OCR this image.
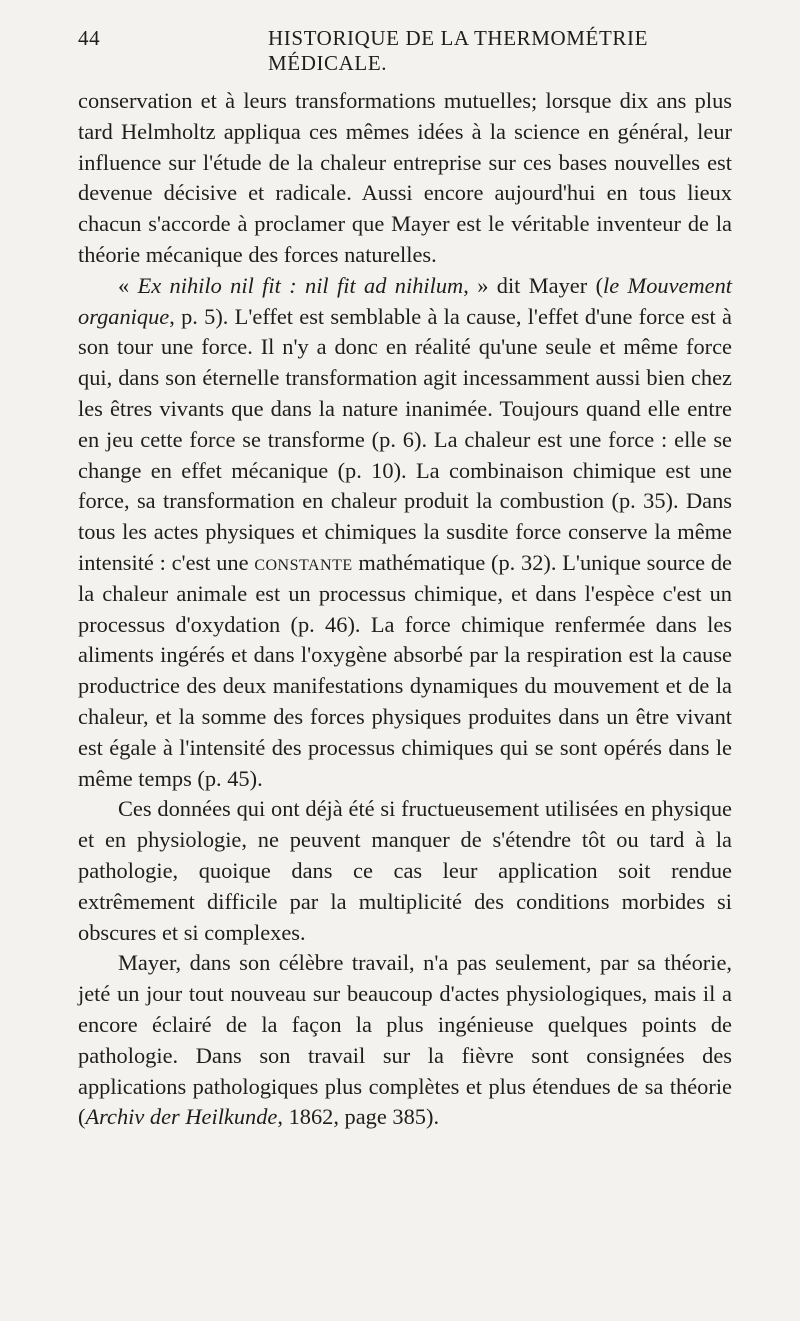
44	HISTORIQUE DE LA THERMOMÉTRIE MÉDICALE.

conservation et à leurs transformations mutuelles; lorsque dix ans plus tard Helmholtz appliqua ces mêmes idées à la science en général, leur influence sur l'étude de la chaleur entreprise sur ces bases nouvelles est devenue décisive et radicale. Aussi encore aujourd'hui en tous lieux chacun s'accorde à proclamer que Mayer est le véritable inventeur de la théorie mécanique des forces naturelles.

« Ex nihilo nil fit : nil fit ad nihilum, » dit Mayer (le Mouvement organique, p. 5). L'effet est semblable à la cause, l'effet d'une force est à son tour une force. Il n'y a donc en réalité qu'une seule et même force qui, dans son éternelle transformation agit incessamment aussi bien chez les êtres vivants que dans la nature inanimée. Toujours quand elle entre en jeu cette force se transforme (p. 6). La chaleur est une force : elle se change en effet mécanique (p. 10). La combinaison chimique est une force, sa transformation en chaleur produit la combustion (p. 35). Dans tous les actes physiques et chimiques la susdite force conserve la même intensité : c'est une constante mathématique (p. 32). L'unique source de la chaleur animale est un processus chimique, et dans l'espèce c'est un processus d'oxydation (p. 46). La force chimique renfermée dans les aliments ingérés et dans l'oxygène absorbé par la respiration est la cause productrice des deux manifestations dynamiques du mouvement et de la chaleur, et la somme des forces physiques produites dans un être vivant est égale à l'intensité des processus chimiques qui se sont opérés dans le même temps (p. 45).

Ces données qui ont déjà été si fructueusement utilisées en physique et en physiologie, ne peuvent manquer de s'étendre tôt ou tard à la pathologie, quoique dans ce cas leur application soit rendue extrêmement difficile par la multiplicité des conditions morbides si obscures et si complexes.

Mayer, dans son célèbre travail, n'a pas seulement, par sa théorie, jeté un jour tout nouveau sur beaucoup d'actes physiologiques, mais il a encore éclairé de la façon la plus ingénieuse quelques points de pathologie. Dans son travail sur la fièvre sont consignées des applications pathologiques plus complètes et plus étendues de sa théorie (Archiv der Heilkunde, 1862, page 385).
